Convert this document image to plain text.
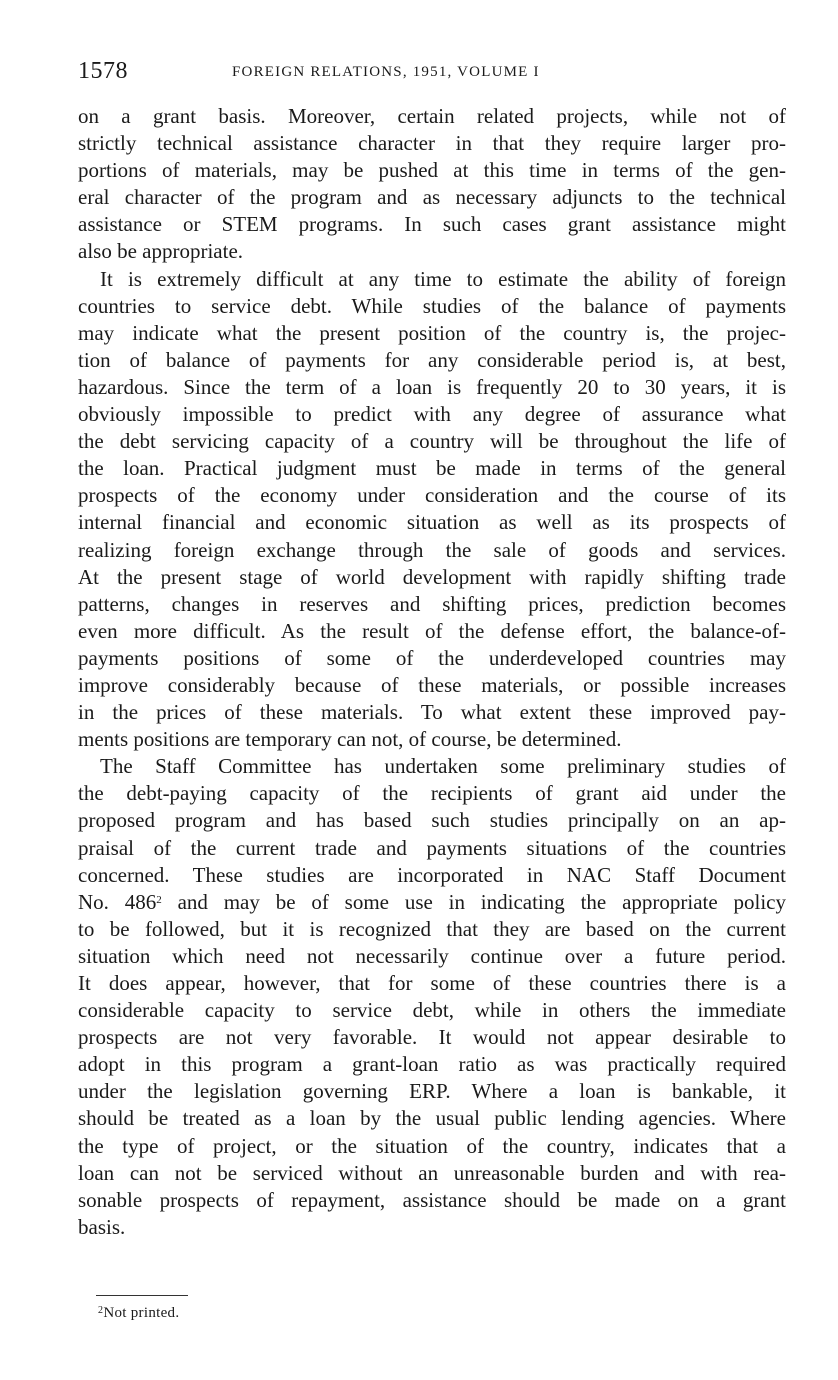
1578	FOREIGN RELATIONS, 1951, VOLUME I
on a grant basis. Moreover, certain related projects, while not of
strictly technical assistance character in that they require larger pro-
portions of materials, may be pushed at this time in terms of the gen-
eral character of the program and as necessary adjuncts to the technical
assistance or STEM programs. In such cases grant assistance might
also be appropriate.
It is extremely difficult at any time to estimate the ability of foreign
countries to service debt. While studies of the balance of payments
may indicate what the present position of the country is, the projec-
tion of balance of payments for any considerable period is, at best,
hazardous. Since the term of a loan is frequently 20 to 30 years, it is
obviously impossible to predict with any degree of assurance what
the debt servicing capacity of a country will be throughout the life of
the loan. Practical judgment must be made in terms of the general
prospects of the economy under consideration and the course of its
internal financial and economic situation as well as its prospects of
realizing foreign exchange through the sale of goods and services.
At the present stage of world development with rapidly shifting trade
patterns, changes in reserves and shifting prices, prediction becomes
even more difficult. As the result of the defense effort, the balance-of-
payments positions of some of the underdeveloped countries may
improve considerably because of these materials, or possible increases
in the prices of these materials. To what extent these improved pay-
ments positions are temporary can not, of course, be determined.
The Staff Committee has undertaken some preliminary studies of
the debt-paying capacity of the recipients of grant aid under the
proposed program and has based such studies principally on an ap-
praisal of the current trade and payments situations of the countries
concerned. These studies are incorporated in NAC Staff Document
No. $486^2$ and may be of some use in indicating the appropriate policy
to be followed, but it is recognized that they are based on the current
situation which need not necessarily continue over a future period.
It does appear, however, that for some of these countries there is a
considerable capacity to service debt, while in others the immediate
prospects are not very favorable. It would not appear desirable to
adopt in this program a grant-loan ratio as was practically required
under the legislation governing ERP. Where a loan is bankable, it
should be treated as a loan by the usual public lending agencies. Where
the type of project, or the situation of the country, indicates that a
loan can not be serviced without an unreasonable burden and with rea-
sonable prospects of repayment, assistance should be made on a grant
basis.
$^2$Not printed.
